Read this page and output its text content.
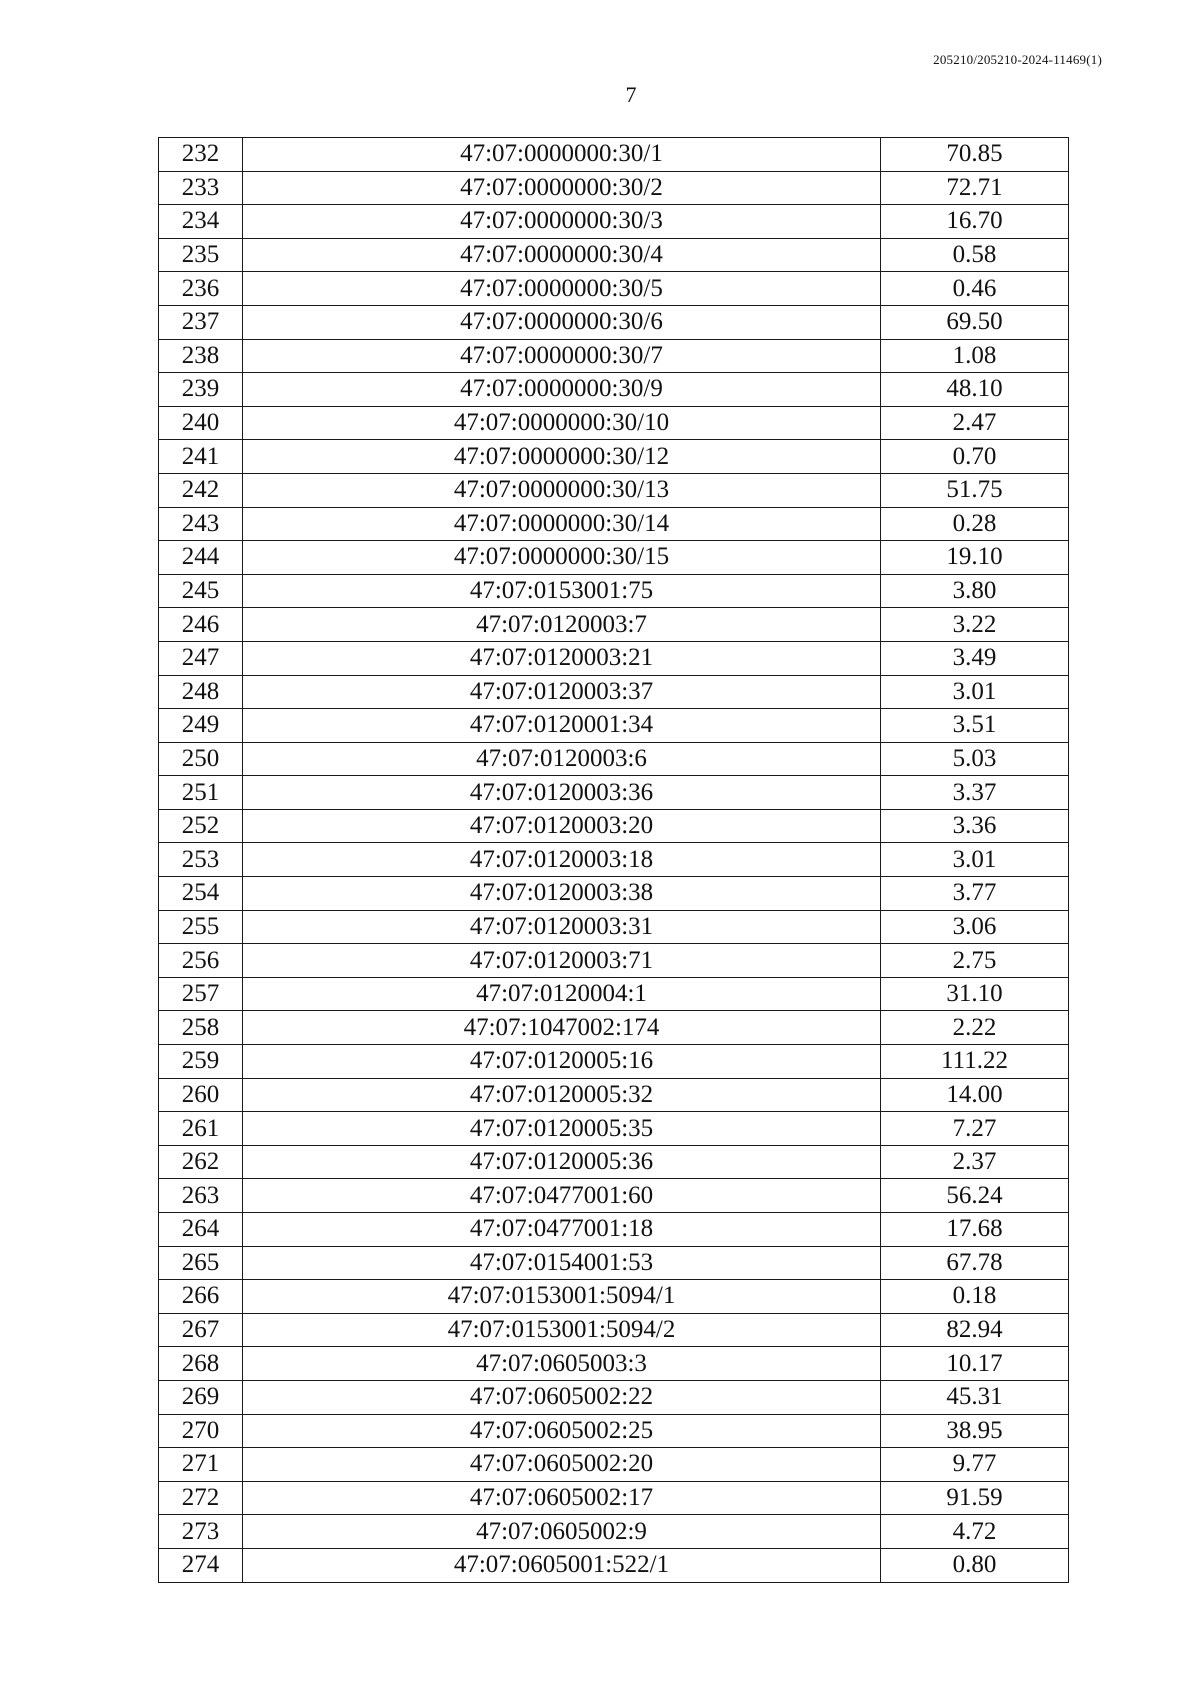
205210/205210-2024-11469(1)
7
232	47:07:0000000:30/1	70.85
233	47:07:0000000:30/2	72.71
234	47:07:0000000:30/3	16.70
235	47:07:0000000:30/4	0.58
236	47:07:0000000:30/5	0.46
237	47:07:0000000:30/6	69.50
238	47:07:0000000:30/7	1.08
239	47:07:0000000:30/9	48.10
240	47:07:0000000:30/10	2.47
241	47:07:0000000:30/12	0.70
242	47:07:0000000:30/13	51.75
243	47:07:0000000:30/14	0.28
244	47:07:0000000:30/15	19.10
245	47:07:0153001:75	3.80
246	47:07:0120003:7	3.22
247	47:07:0120003:21	3.49
248	47:07:0120003:37	3.01
249	47:07:0120001:34	3.51
250	47:07:0120003:6	5.03
251	47:07:0120003:36	3.37
252	47:07:0120003:20	3.36
253	47:07:0120003:18	3.01
254	47:07:0120003:38	3.77
255	47:07:0120003:31	3.06
256	47:07:0120003:71	2.75
257	47:07:0120004:1	31.10
258	47:07:1047002:174	2.22
259	47:07:0120005:16	111.22
260	47:07:0120005:32	14.00
261	47:07:0120005:35	7.27
262	47:07:0120005:36	2.37
263	47:07:0477001:60	56.24
264	47:07:0477001:18	17.68
265	47:07:0154001:53	67.78
266	47:07:0153001:5094/1	0.18
267	47:07:0153001:5094/2	82.94
268	47:07:0605003:3	10.17
269	47:07:0605002:22	45.31
270	47:07:0605002:25	38.95
271	47:07:0605002:20	9.77
272	47:07:0605002:17	91.59
273	47:07:0605002:9	4.72
274	47:07:0605001:522/1	0.80
